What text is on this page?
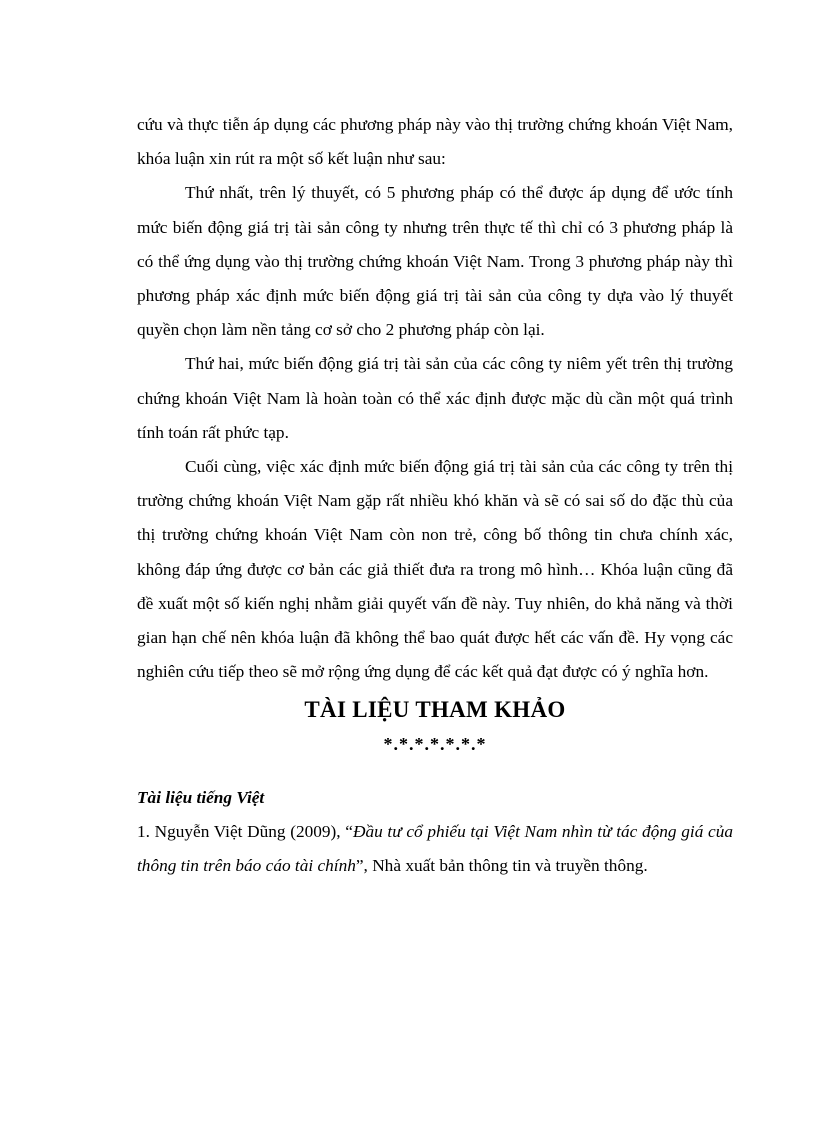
cứu và thực tiễn áp dụng các phương pháp này vào thị trường chứng khoán Việt Nam, khóa luận xin rút ra một số kết luận như sau:

Thứ nhất, trên lý thuyết, có 5 phương pháp có thể được áp dụng để ước tính mức biến động giá trị tài sản công ty nhưng trên thực tế thì chỉ có 3 phương pháp là có thể ứng dụng vào thị trường chứng khoán Việt Nam. Trong 3 phương pháp này thì phương pháp xác định mức biến động giá trị tài sản của công ty dựa vào lý thuyết quyền chọn làm nền tảng cơ sở cho 2 phương pháp còn lại.

Thứ hai, mức biến động giá trị tài sản của các công ty niêm yết trên thị trường chứng khoán Việt Nam là hoàn toàn có thể xác định được mặc dù cần một quá trình tính toán rất phức tạp.

Cuối cùng, việc xác định mức biến động giá trị tài sản của các công ty trên thị trường chứng khoán Việt Nam gặp rất nhiều khó khăn và sẽ có sai số do đặc thù của thị trường chứng khoán Việt Nam còn non trẻ, công bố thông tin chưa chính xác, không đáp ứng được cơ bản các giả thiết đưa ra trong mô hình… Khóa luận cũng đã đề xuất một số kiến nghị nhằm giải quyết vấn đề này. Tuy nhiên, do khả năng và thời gian hạn chế nên khóa luận đã không thể bao quát được hết các vấn đề. Hy vọng các nghiên cứu tiếp theo sẽ mở rộng ứng dụng để các kết quả đạt được có ý nghĩa hơn.

TÀI LIỆU THAM KHẢO
*.*.*.*.*.*.*
Tài liệu tiếng Việt

1. Nguyễn Việt Dũng (2009), “Đầu tư cổ phiếu tại Việt Nam nhìn từ tác động giá của thông tin trên báo cáo tài chính”, Nhà xuất bản thông tin và truyền thông.
